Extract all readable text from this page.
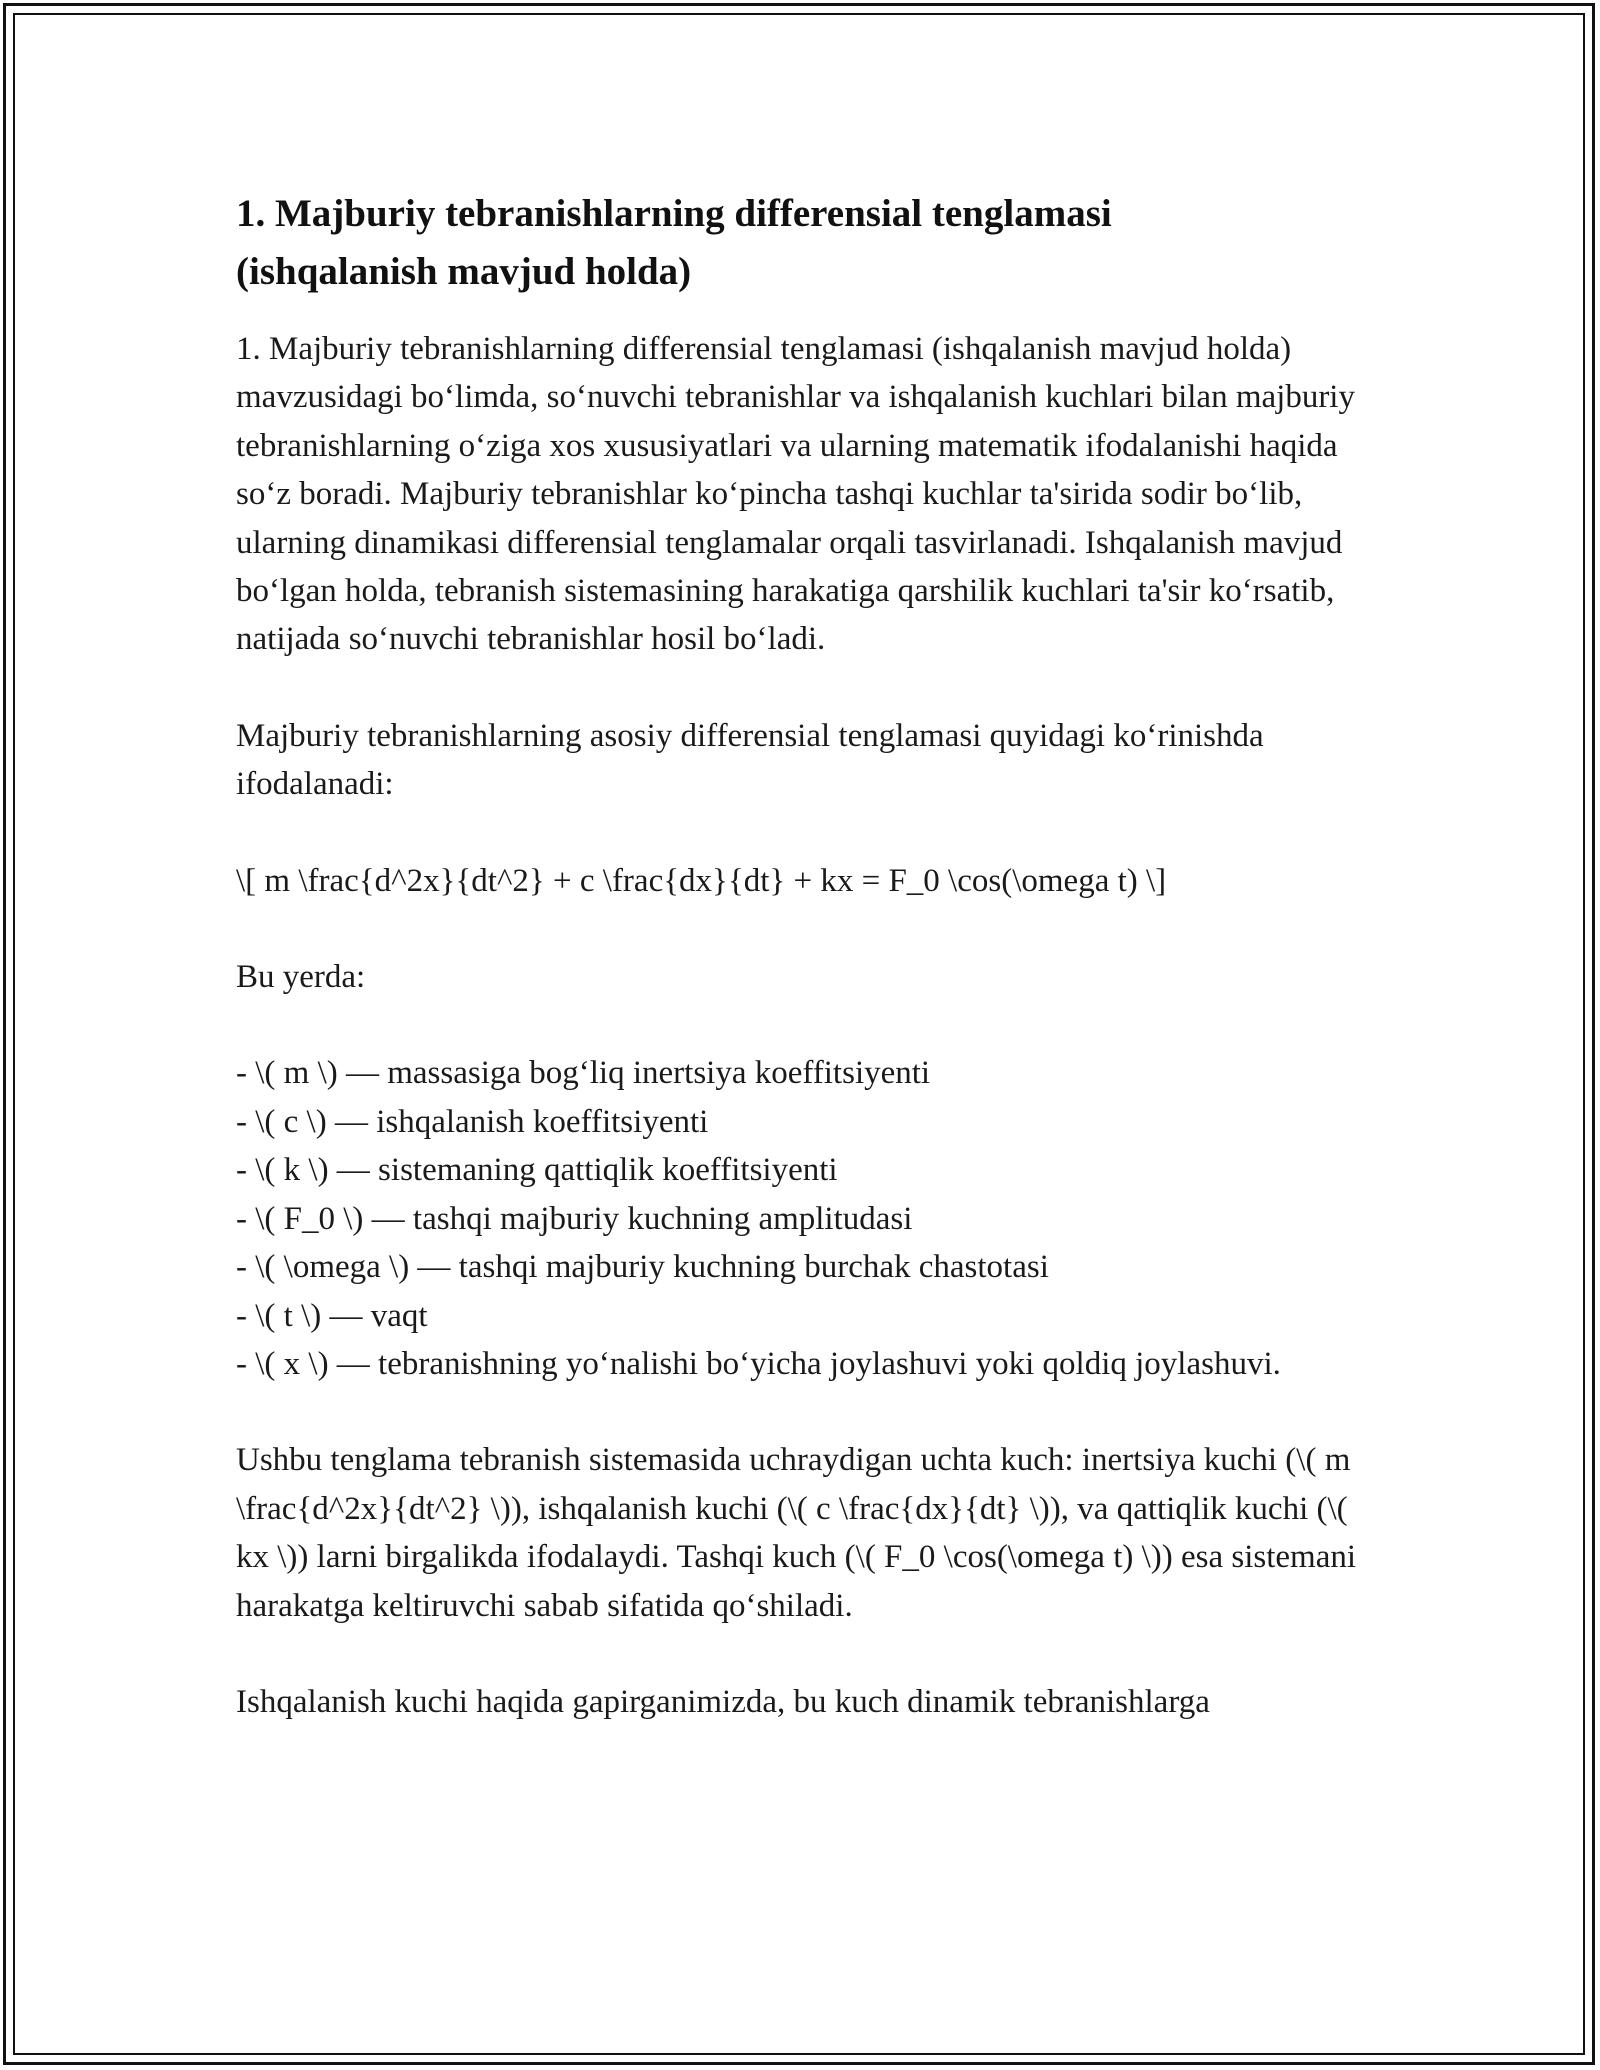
1. Majburiy tebranishlarning differensial tenglamasi
(ishqalanish mavjud holda)

1. Majburiy tebranishlarning differensial tenglamasi (ishqalanish mavjud holda) mavzusidagi bo‘limda, so‘nuvchi tebranishlar va ishqalanish kuchlari bilan majburiy tebranishlarning o‘ziga xos xususiyatlari va ularning matematik ifodalanishi haqida so‘z boradi. Majburiy tebranishlar ko‘pincha tashqi kuchlar ta'sirida sodir bo‘lib, ularning dinamikasi differensial tenglamalar orqali tasvirlanadi. Ishqalanish mavjud bo‘lgan holda, tebranish sistemasining harakatiga qarshilik kuchlari ta'sir ko‘rsatib, natijada so‘nuvchi tebranishlar hosil bo‘ladi.

Majburiy tebranishlarning asosiy differensial tenglamasi quyidagi ko‘rinishda ifodalanadi:

\[ m \frac{d^2x}{dt^2} + c \frac{dx}{dt} + kx = F_0 \cos(\omega t) \]

Bu yerda:

- \( m \) — massasiga bog‘liq inertsiya koeffitsiyenti
- \( c \) — ishqalanish koeffitsiyenti
- \( k \) — sistemaning qattiqlik koeffitsiyenti
- \( F_0 \) — tashqi majburiy kuchning amplitudasi
- \( \omega \) — tashqi majburiy kuchning burchak chastotasi
- \( t \) — vaqt
- \( x \) — tebranishning yo‘nalishi bo‘yicha joylashuvi yoki qoldiq joylashuvi.

Ushbu tenglama tebranish sistemasida uchraydigan uchta kuch: inertsiya kuchi (\( m \frac{d^2x}{dt^2} \)), ishqalanish kuchi (\( c \frac{dx}{dt} \)), va qattiqlik kuchi (\( kx \)) larni birgalikda ifodalaydi. Tashqi kuch (\( F_0 \cos(\omega t) \)) esa sistemani harakatga keltiruvchi sabab sifatida qo‘shiladi.

Ishqalanish kuchi haqida gapirganimizda, bu kuch dinamik tebranishlarga
